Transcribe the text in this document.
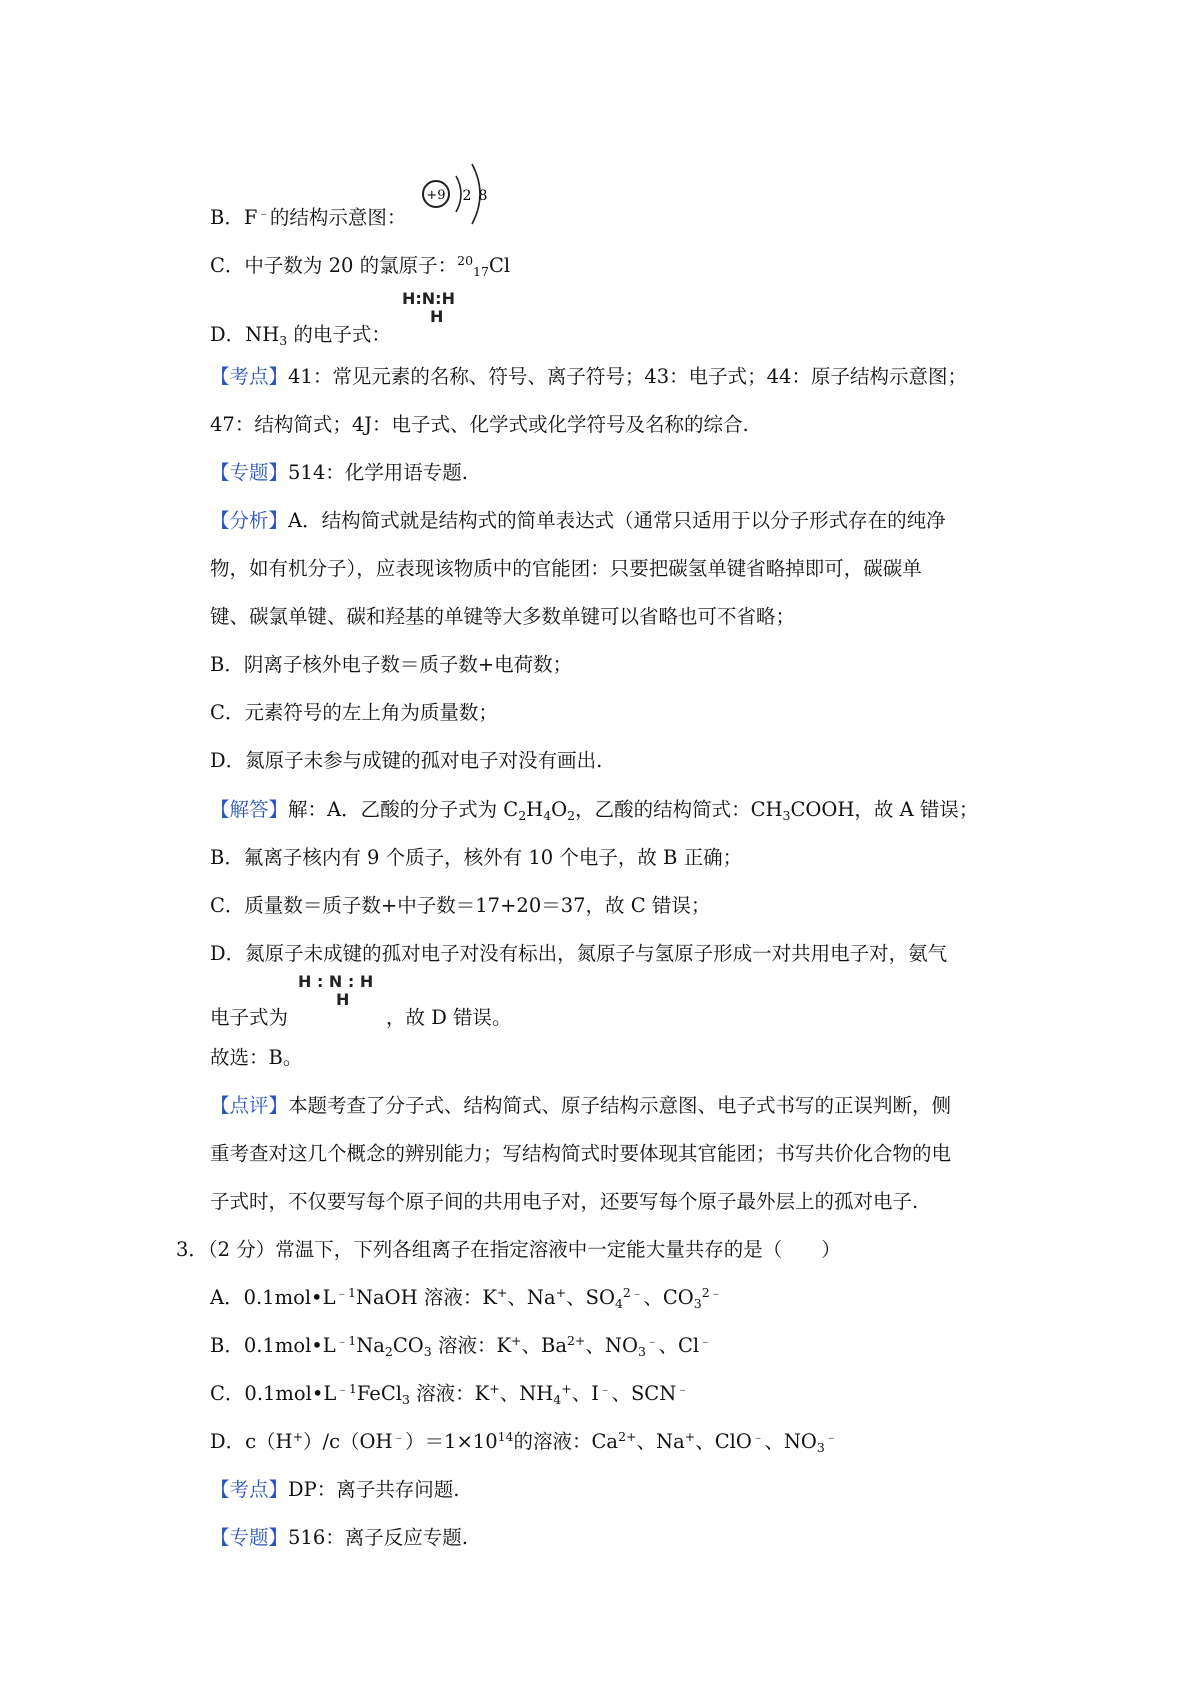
B．F﹣的结构示意图：
+9 2 8
C．中子数为 20 的氯原子：$^{20}_{17}$Cl
D．$NH_3$ 的电子式：
H:N:H
H
【考点】41：常见元素的名称、符号、离子符号；43：电子式；44：原子结构示意图；
47：结构简式；4J：电子式、化学式或化学符号及名称的综合.
【专题】514：化学用语专题.
【分析】A．结构简式就是结构式的简单表达式（通常只适用于以分子形式存在的纯净
物，如有机分子），应表现该物质中的官能团：只要把碳氢单键省略掉即可，碳碳单
键、碳氯单键、碳和羟基的单键等大多数单键可以省略也可不省略；
B．阴离子核外电子数＝质子数+电荷数；
C．元素符号的左上角为质量数；
D．氮原子未参与成键的孤对电子对没有画出.
【解答】解：A．乙酸的分子式为 $C_2H_4O_2$，乙酸的结构简式：$CH_3COOH$，故 A 错误；
B．氟离子核内有 9 个质子，核外有 10 个电子，故 B 正确；
C．质量数＝质子数+中子数＝17+20＝37，故 C 错误；
D．氮原子未成键的孤对电子对没有标出，氮原子与氢原子形成一对共用电子对，氨气
电子式为	，故 D 错误。
H : N : H
H
故选：B。
【点评】本题考查了分子式、结构简式、原子结构示意图、电子式书写的正误判断，侧
重考查对这几个概念的辨别能力；写结构简式时要体现其官能团；书写共价化合物的电
子式时，不仅要写每个原子间的共用电子对，还要写每个原子最外层上的孤对电子.
3．（2 分）常温下，下列各组离子在指定溶液中一定能大量共存的是（　　）
A．$0.1mol•L^{﹣1}NaOH$ 溶液：K+、Na+、$SO_4^{2﹣}$、$CO_3^{2﹣}$
B．$0.1mol•L^{﹣1}Na_2CO_3$ 溶液：K+、$Ba^{2+}$、$NO_3^﹣$、Cl﹣
C．$0.1mol•L^{﹣1}FeCl_3$ 溶液：K+、$NH_4^+$、I﹣、SCN﹣
D．$c(H^+)/c(OH^﹣)=1\times 10^{14}$的溶液：$Ca^{2+}$、Na+、ClO﹣、$NO_3^﹣$
【考点】DP：离子共存问题.
【专题】516：离子反应专题.
